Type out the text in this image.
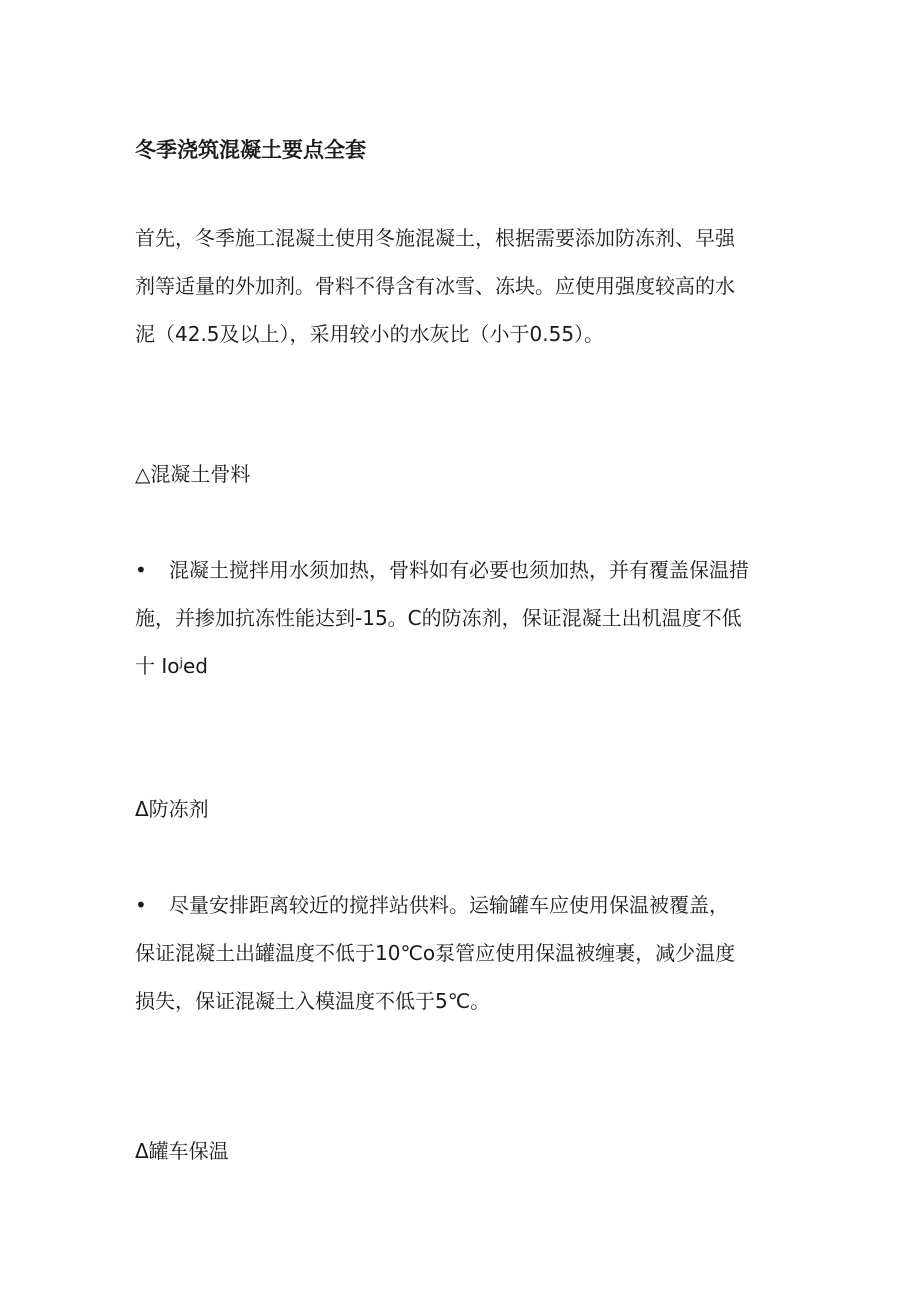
冬季浇筑混凝土要点全套

首先，冬季施工混凝土使用冬施混凝土，根据需要添加防冻剂、早强
剂等适量的外加剂。骨料不得含有冰雪、冻块。应使用强度较高的水
泥（42.5及以上），采用较小的水灰比（小于0.55）。

△混凝土骨料

• 混凝土搅拌用水须加热，骨料如有必要也须加热，并有覆盖保温措
施，并掺加抗冻性能达到-15。C的防冻剂，保证混凝土出机温度不低
十 Ioʲed

Δ防冻剂

• 尽量安排距离较近的搅拌站供料。运输罐车应使用保温被覆盖，
保证混凝土出罐温度不低于10℃o泵管应使用保温被缠裹，减少温度
损失，保证混凝土入模温度不低于5℃。

Δ罐车保温
